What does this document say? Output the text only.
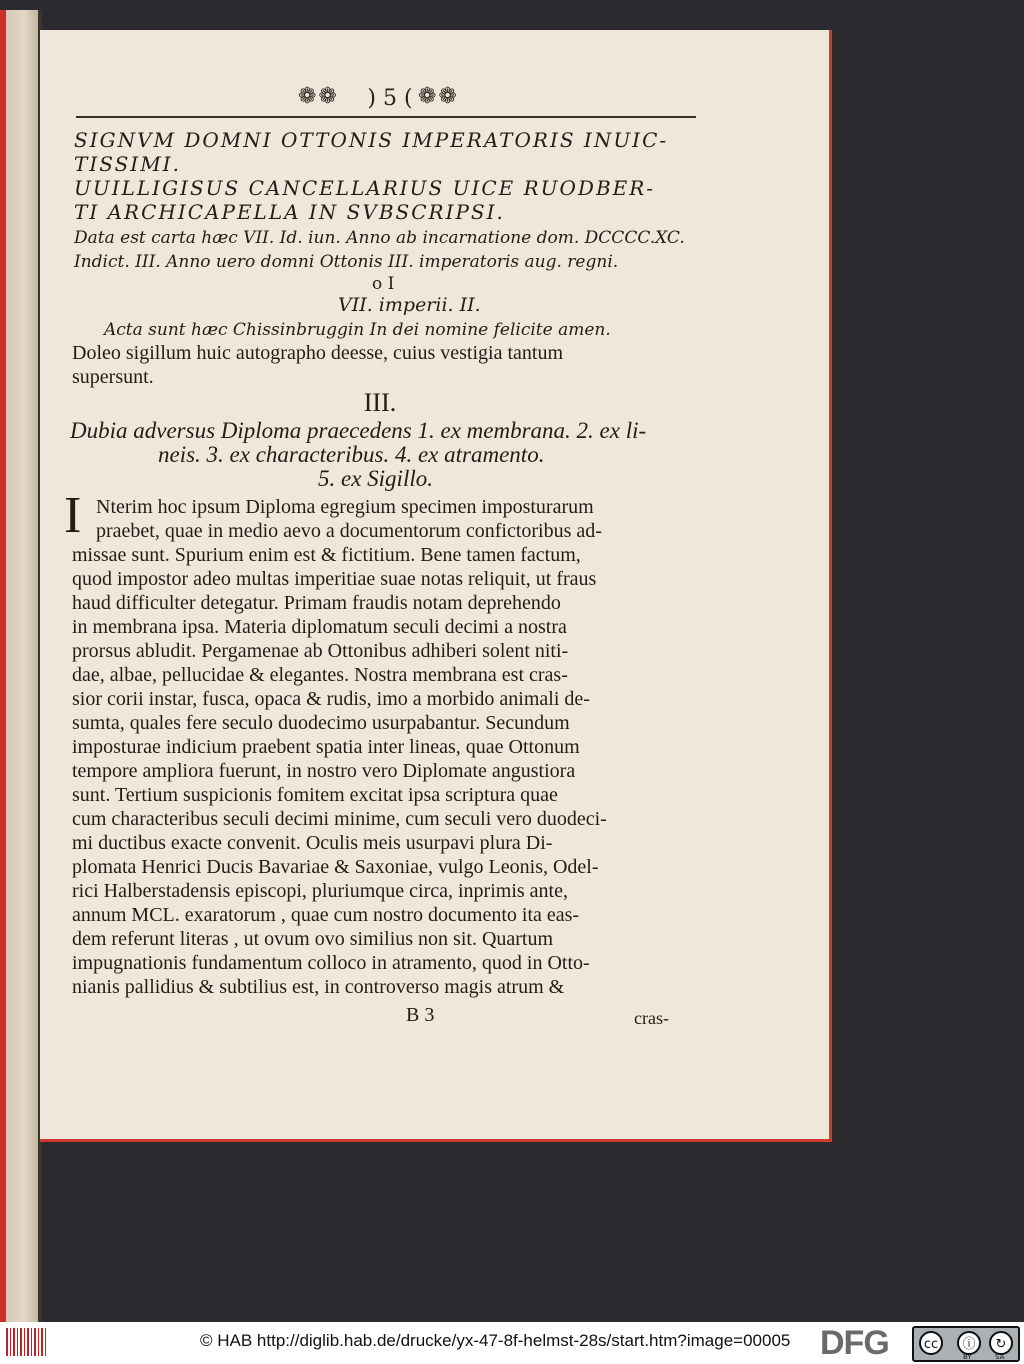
❁❁	) 5 ( ❁❁
SIGNVM DOMNI OTTONIS IMPERATORIS INUIC-
TISSIMI.
UUILLIGISUS CANCELLARIUS UICE RUODBER-
TI ARCHICAPELLA IN SVBSCRIPSI.
Data est carta hæc VII. Id. iun. Anno ab incarnatione dom. DCCCC.XC.
Indict. III. Anno uero domni Ottonis III. imperatoris aug. regni.
o I
VII. imperii. II.
Acta sunt hæc Chissinbruggin In dei nomine felicite amen.
Doleo sigillum huic autographo deesse, cuius vestigia tantum
supersunt.
III.
Dubia adversus Diploma praecedens 1. ex membrana. 2. ex li-
neis. 3. ex characteribus. 4. ex atramento.
5. ex Sigillo.
I Nterim hoc ipsum Diploma egregium specimen imposturarum
praebet, quae in medio aevo a documentorum confictoribus ad-
missae sunt. Spurium enim est & fictitium. Bene tamen factum,
quod impostor adeo multas imperitiae suae notas reliquit, ut fraus
haud difficulter detegatur. Primam fraudis notam deprehendo
in membrana ipsa. Materia diplomatum seculi decimi a nostra
prorsus abludit. Pergamenae ab Ottonibus adhiberi solent niti-
dae, albae, pellucidae & elegantes. Nostra membrana est cras-
sior corii instar, fusca, opaca & rudis, imo a morbido animali de-
sumta, quales fere seculo duodecimo usurpabantur. Secundum
imposturae indicium praebent spatia inter lineas, quae Ottonum
tempore ampliora fuerunt, in nostro vero Diplomate angustiora
sunt. Tertium suspicionis fomitem excitat ipsa scriptura quae
cum characteribus seculi decimi minime, cum seculi vero duodeci-
mi ductibus exacte convenit. Oculis meis usurpavi plura Di-
plomata Henrici Ducis Bavariae & Saxoniae, vulgo Leonis, Odel-
rici Halberstadensis episcopi, pluriumque circa, inprimis ante,
annum MCL. exaratorum , quae cum nostro documento ita eas-
dem referunt literas , ut ovum ovo similius non sit. Quartum
impugnationis fundamentum colloco in atramento, quod in Otto-
nianis pallidius & subtilius est, in controverso magis atrum &
B 3	cras-
© HAB http://diglib.hab.de/drucke/yx-47-8f-helmst-28s/start.htm?image=00005 DFG	cc	ⓘ	↻
BY	SA
